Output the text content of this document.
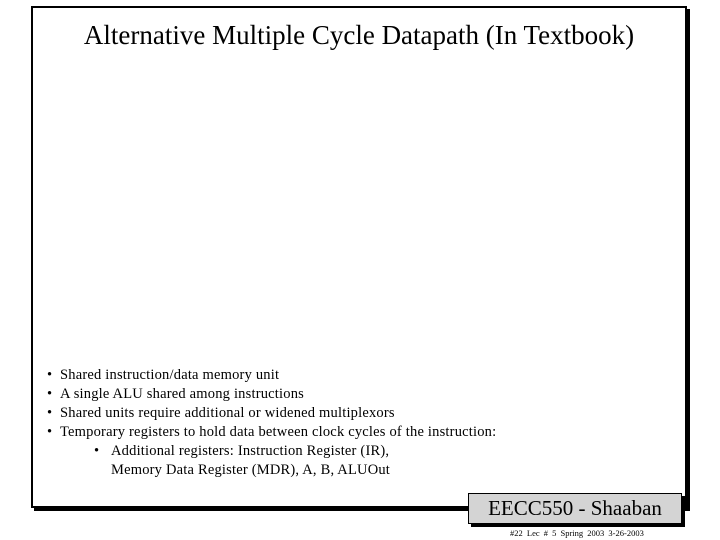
Alternative Multiple Cycle Datapath (In Textbook)
• Shared instruction/data memory unit
• A single ALU shared among instructions
• Shared units require additional or widened multiplexors
• Temporary registers to hold data between clock cycles of the instruction:
• Additional registers: Instruction Register (IR),
Memory Data Register (MDR), A, B, ALUOut
EECC550 - Shaaban
#22 Lec # 5 Spring 2003 3-26-2003
